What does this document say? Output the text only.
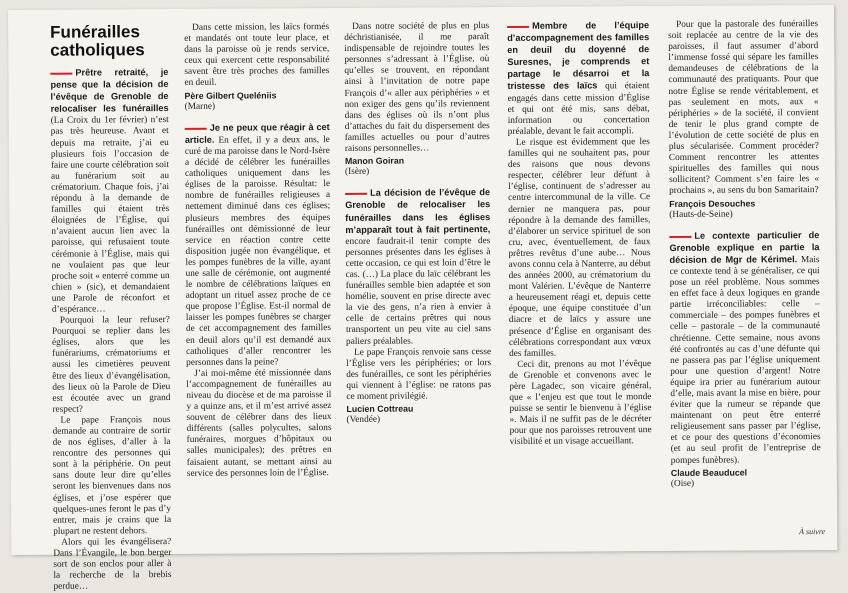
Funérailles catholiques

Prêtre retraité, je pense que la décision de l’évêque de Grenoble de relocaliser les funérailles (La Croix du 1er février) n’est pas très heureuse. Avant et depuis ma retraite, j’ai eu plusieurs fois l’occasion de faire une courte célébration soit au funérarium soit au crématorium. Chaque fois, j’ai répondu à la demande de familles qui étaient très éloignées de l’Église, qui n’avaient aucun lien avec la paroisse, qui refusaient toute cérémonie à l’Église, mais qui ne voulaient pas que leur proche soit « enterré comme un chien » (sic), et demandaient une Parole de réconfort et d’espérance…

Pourquoi la leur refuser? Pourquoi se replier dans les églises, alors que les funérariums, crématoriums et aussi les cimetières peuvent être des lieux d’évangélisation, des lieux où la Parole de Dieu est écoutée avec un grand respect?

Le pape François nous demande au contraire de sortir de nos églises, d’aller à la rencontre des personnes qui sont à la périphérie. On peut sans doute leur dire qu’elles seront les bienvenues dans nos églises, et j’ose espérer que quelques-unes feront le pas d’y entrer, mais je crains que la plupart ne restent dehors.

Alors qui les évangélisera? Dans l’Évangile, le bon berger sort de son enclos pour aller à la recherche de la brebis perdue…

Dans cette mission, les laïcs formés et mandatés ont toute leur place, et dans la paroisse où je rends service, ceux qui exercent cette responsabilité savent être très proches des familles en deuil.

Père Gilbert Queléniis

(Marne)

Je ne peux que réagir à cet article. En effet, il y a deux ans, le curé de ma paroisse dans le Nord-Isère a décidé de célébrer les funérailles catholiques uniquement dans les églises de la paroisse. Résultat: le nombre de funérailles religieuses a nettement diminué dans ces églises; plusieurs membres des équipes funérailles ont démissionné de leur service en réaction contre cette disposition jugée non évangélique, et les pompes funèbres de la ville, ayant une salle de cérémonie, ont augmenté le nombre de célébrations laïques en adoptant un rituel assez proche de ce que propose l’Église. Est-il normal de laisser les pompes funèbres se charger de cet accompagnement des familles en deuil alors qu’il est demandé aux catholiques d’aller rencontrer les personnes dans la peine?

J’ai moi-même été missionnée dans l’accompagnement de funérailles au niveau du diocèse et de ma paroisse il y a quinze ans, et il m’est arrivé assez souvent de célébrer dans des lieux différents (salles polycultes, salons funéraires, morgues d’hôpitaux ou salles municipales); des prêtres en faisaient autant, se mettant ainsi au service des personnes loin de l’Église.

Dans notre société de plus en plus déchristianisée, il me paraît indispensable de rejoindre toutes les personnes s’adressant à l’Église, où qu’elles se trouvent, en répondant ainsi à l’invitation de notre pape François d’« aller aux périphéries » et non exiger des gens qu’ils reviennent dans des églises où ils n’ont plus d’attaches du fait du dispersement des familles actuelles ou pour d’autres raisons personnelles…

Manon Goiran

(Isère)

La décision de l’évêque de Grenoble de relocaliser les funérailles dans les églises m’apparaît tout à fait pertinente, encore faudrait-il tenir compte des personnes présentes dans les églises à cette occasion, ce qui est loin d’être le cas. (…) La place du laïc célébrant les funérailles semble bien adaptée et son homélie, souvent en prise directe avec la vie des gens, n’a rien à envier à celle de certains prêtres qui nous transportent un peu vite au ciel sans paliers préalables.

Le pape François renvoie sans cesse l’Église vers les périphéries; or lors des funérailles, ce sont les périphéries qui viennent à l’église: ne ratons pas ce moment privilégié.

Lucien Cottreau

(Vendée)

Membre de l’équipe d’accompagnement des familles en deuil du doyenné de Suresnes, je comprends et partage le désarroi et la tristesse des laïcs qui étaient engagés dans cette mission d’Église et qui ont été mis, sans débat, information ou concertation préalable, devant le fait accompli.

Le risque est évidemment que les familles qui ne souhaitent pas, pour des raisons que nous devons respecter, célébrer leur défunt à l’église, continuent de s’adresser au centre intercommunal de la ville. Ce dernier ne manquera pas, pour répondre à la demande des familles, d’élaborer un service spirituel de son cru, avec, éventuellement, de faux prêtres revêtus d’une aube… Nous avons connu cela à Nanterre, au début des années 2000, au crématorium du mont Valérien. L’évêque de Nanterre a heureusement réagi et, depuis cette époque, une équipe constituée d’un diacre et de laïcs y assure une présence d’Église en organisant des célébrations correspondant aux vœux des familles.

Ceci dit, prenons au mot l’évêque de Grenoble et convenons avec le père Lagadec, son vicaire général, que « l’enjeu est que tout le monde puisse se sentir le bienvenu à l’église ». Mais il ne suffit pas de le décréter pour que nos paroisses retrouvent une visibilité et un visage accueillant.

Pour que la pastorale des funérailles soit replacée au centre de la vie des paroisses, il faut assumer d’abord l’immense fossé qui sépare les familles demandeuses de célébrations de la communauté des pratiquants. Pour que notre Église se rende véritablement, et pas seulement en mots, aux « périphéries » de la société, il convient de tenir le plus grand compte de l’évolution de cette société de plus en plus sécularisée. Comment procéder? Comment rencontrer les attentes spirituelles des familles qui nous sollicitent? Comment s’en faire les « prochains », au sens du bon Samaritain?

François Desouches

(Hauts-de-Seine)

Le contexte particulier de Grenoble explique en partie la décision de Mgr de Kérimel. Mais ce contexte tend à se généraliser, ce qui pose un réel problème. Nous sommes en effet face à deux logiques en grande partie irréconciliables: celle – commerciale – des pompes funèbres et celle – pastorale – de la communauté chrétienne. Cette semaine, nous avons été confrontés au cas d’une défunte qui ne passera pas par l’église uniquement pour une question d’argent! Notre équipe ira prier au funérarium autour d’elle, mais avant la mise en bière, pour éviter que la rumeur se répande que maintenant on peut être enterré religieusement sans passer par l’église, et ce pour des questions d’économies (et au seul profit de l’entreprise de pompes funèbres).

Claude Beauducel

(Oise)

À suivre
